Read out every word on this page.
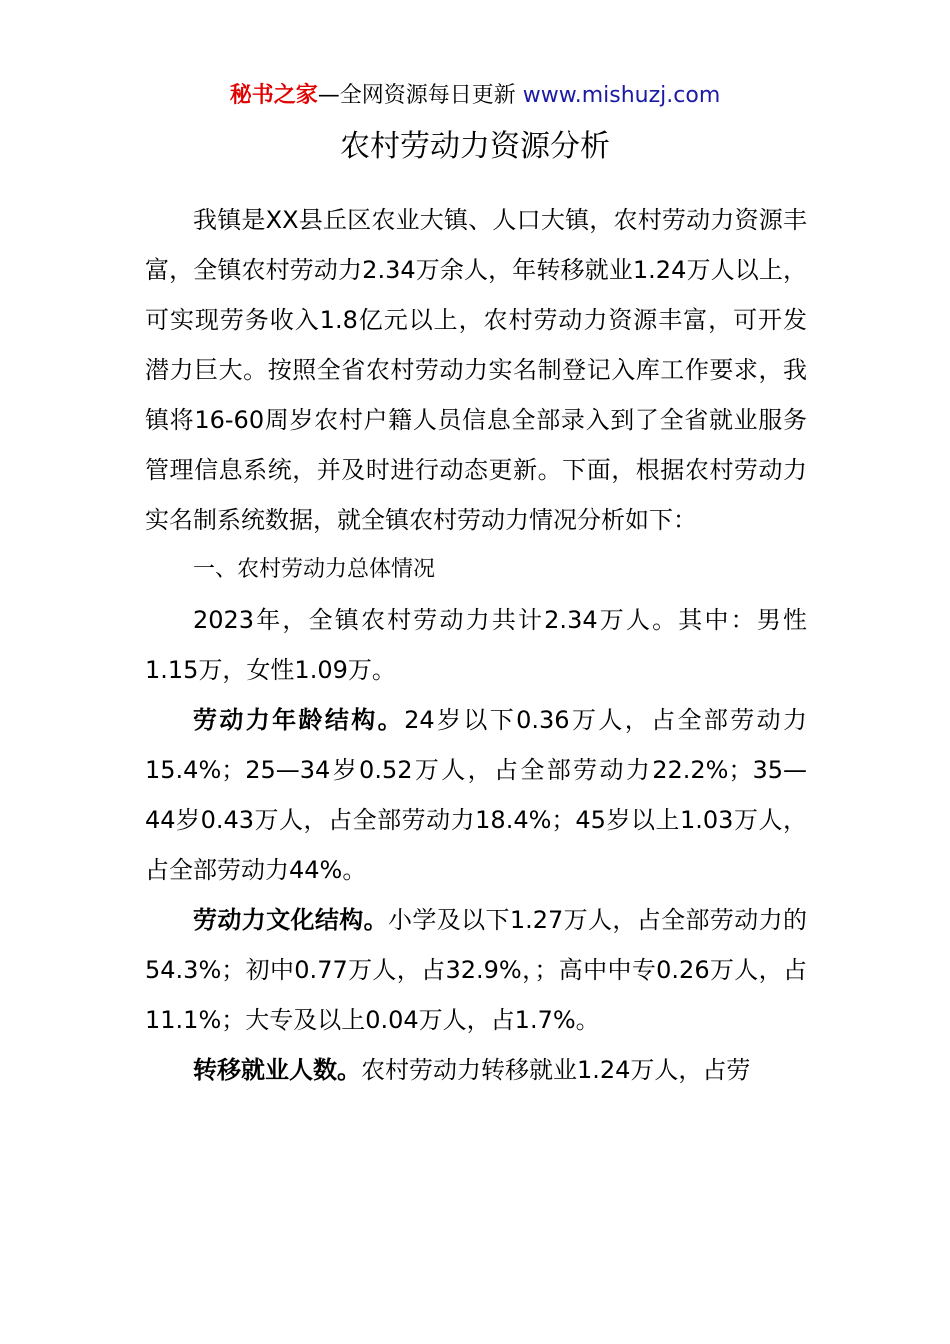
秘书之家—全网资源每日更新 www.mishuzj.com
农村劳动力资源分析

我镇是XX县丘区农业大镇、人口大镇，农村劳动力资源丰富，全镇农村劳动力2.34万余人，年转移就业1.24万人以上，可实现劳务收入1.8亿元以上，农村劳动力资源丰富，可开发潜力巨大。按照全省农村劳动力实名制登记入库工作要求，我镇将16-60周岁农村户籍人员信息全部录入到了全省就业服务管理信息系统，并及时进行动态更新。下面，根据农村劳动力实名制系统数据，就全镇农村劳动力情况分析如下：

一、农村劳动力总体情况

2023年，全镇农村劳动力共计2.34万人。其中：男性1.15万，女性1.09万。

劳动力年龄结构。24岁以下0.36万人，占全部劳动力15.4%；25—34岁0.52万人，占全部劳动力22.2%；35—44岁0.43万人，占全部劳动力18.4%；45岁以上1.03万人，占全部劳动力44%。

劳动力文化结构。小学及以下1.27万人，占全部劳动力的54.3%；初中0.77万人，占32.9%，；高中中专0.26万人，占11.1%；大专及以上0.04万人，占1.7%。

转移就业人数。农村劳动力转移就业1.24万人，占劳
